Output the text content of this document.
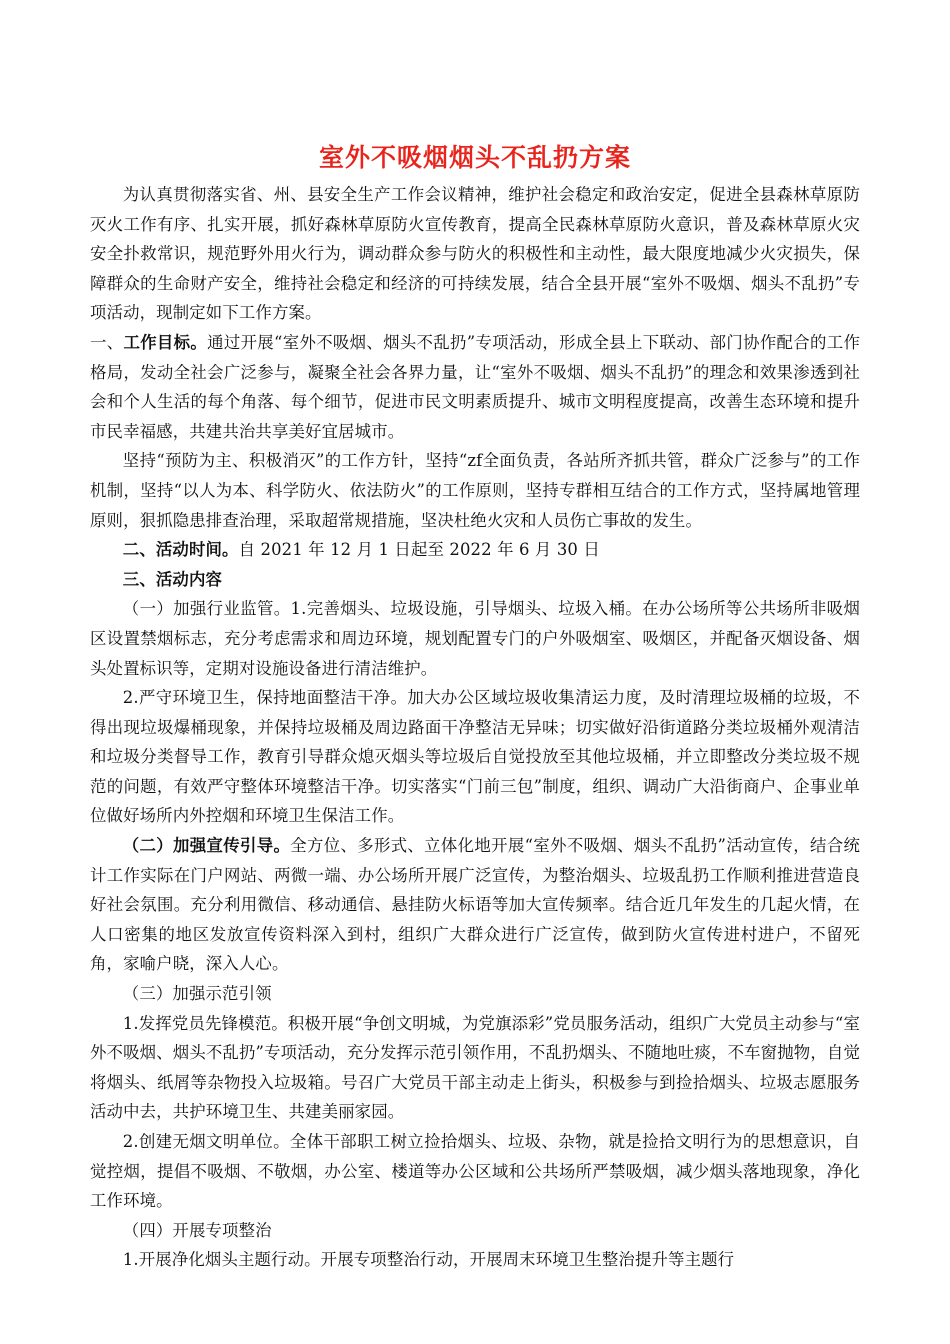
室外不吸烟烟头不乱扔方案

为认真贯彻落实省、州、县安全生产工作会议精神，维护社会稳定和政治安定，促进全县森林草原防灭火工作有序、扎实开展，抓好森林草原防火宣传教育，提高全民森林草原防火意识，普及森林草原火灾安全扑救常识，规范野外用火行为，调动群众参与防火的积极性和主动性，最大限度地减少火灾损失，保障群众的生命财产安全，维持社会稳定和经济的可持续发展，结合全县开展“室外不吸烟、烟头不乱扔”专项活动，现制定如下工作方案。

一、工作目标。通过开展“室外不吸烟、烟头不乱扔”专项活动，形成全县上下联动、部门协作配合的工作格局，发动全社会广泛参与，凝聚全社会各界力量，让“室外不吸烟、烟头不乱扔”的理念和效果渗透到社会和个人生活的每个角落、每个细节，促进市民文明素质提升、城市文明程度提高，改善生态环境和提升市民幸福感，共建共治共享美好宜居城市。

坚持“预防为主、积极消灭”的工作方针，坚持“zf全面负责，各站所齐抓共管，群众广泛参与”的工作机制，坚持“以人为本、科学防火、依法防火”的工作原则，坚持专群相互结合的工作方式，坚持属地管理原则，狠抓隐患排查治理，采取超常规措施，坚决杜绝火灾和人员伤亡事故的发生。

二、活动时间。自 2021 年 12 月 1 日起至 2022 年 6 月 30 日

三、活动内容

（一）加强行业监管。1.完善烟头、垃圾设施，引导烟头、垃圾入桶。在办公场所等公共场所非吸烟区设置禁烟标志，充分考虑需求和周边环境，规划配置专门的户外吸烟室、吸烟区，并配备灭烟设备、烟头处置标识等，定期对设施设备进行清洁维护。

2.严守环境卫生，保持地面整洁干净。加大办公区域垃圾收集清运力度，及时清理垃圾桶的垃圾，不得出现垃圾爆桶现象，并保持垃圾桶及周边路面干净整洁无异味；切实做好沿街道路分类垃圾桶外观清洁和垃圾分类督导工作，教育引导群众熄灭烟头等垃圾后自觉投放至其他垃圾桶，并立即整改分类垃圾不规范的问题，有效严守整体环境整洁干净。切实落实“门前三包”制度，组织、调动广大沿街商户、企事业单位做好场所内外控烟和环境卫生保洁工作。

（二）加强宣传引导。全方位、多形式、立体化地开展“室外不吸烟、烟头不乱扔”活动宣传，结合统计工作实际在门户网站、两微一端、办公场所开展广泛宣传，为整治烟头、垃圾乱扔工作顺利推进营造良好社会氛围。充分利用微信、移动通信、悬挂防火标语等加大宣传频率。结合近几年发生的几起火情，在人口密集的地区发放宣传资料深入到村，组织广大群众进行广泛宣传，做到防火宣传进村进户，不留死角，家喻户晓，深入人心。

（三）加强示范引领

1.发挥党员先锋模范。积极开展“争创文明城，为党旗添彩”党员服务活动，组织广大党员主动参与“室外不吸烟、烟头不乱扔”专项活动，充分发挥示范引领作用，不乱扔烟头、不随地吐痰，不车窗抛物，自觉将烟头、纸屑等杂物投入垃圾箱。号召广大党员干部主动走上街头，积极参与到捡拾烟头、垃圾志愿服务活动中去，共护环境卫生、共建美丽家园。

2.创建无烟文明单位。全体干部职工树立捡拾烟头、垃圾、杂物，就是捡拾文明行为的思想意识，自觉控烟，提倡不吸烟、不敬烟，办公室、楼道等办公区域和公共场所严禁吸烟，减少烟头落地现象，净化工作环境。

（四）开展专项整治

1.开展净化烟头主题行动。开展专项整治行动，开展周末环境卫生整治提升等主题行
